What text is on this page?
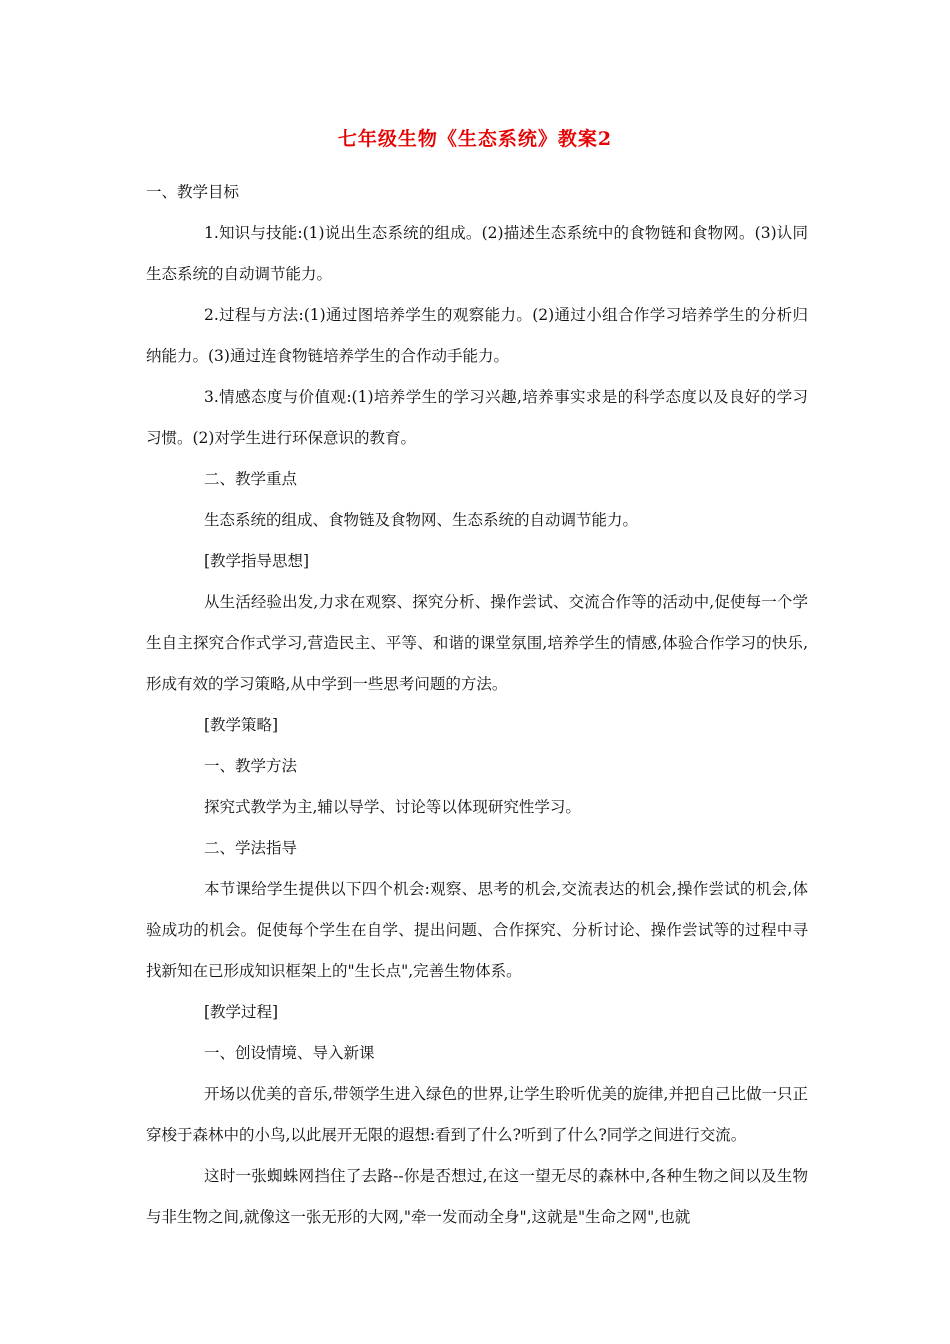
七年级生物《生态系统》教案2

一、教学目标

1.知识与技能:(1)说出生态系统的组成。(2)描述生态系统中的食物链和食物网。(3)认同生态系统的自动调节能力。

2.过程与方法:(1)通过图培养学生的观察能力。(2)通过小组合作学习培养学生的分析归纳能力。(3)通过连食物链培养学生的合作动手能力。

3.情感态度与价值观:(1)培养学生的学习兴趣,培养事实求是的科学态度以及良好的学习习惯。(2)对学生进行环保意识的教育。

二、教学重点

生态系统的组成、食物链及食物网、生态系统的自动调节能力。

[教学指导思想]

从生活经验出发,力求在观察、探究分析、操作尝试、交流合作等的活动中,促使每一个学生自主探究合作式学习,营造民主、平等、和谐的课堂氛围,培养学生的情感,体验合作学习的快乐,形成有效的学习策略,从中学到一些思考问题的方法。

[教学策略]

一、教学方法

探究式教学为主,辅以导学、讨论等以体现研究性学习。

二、学法指导

本节课给学生提供以下四个机会:观察、思考的机会,交流表达的机会,操作尝试的机会,体验成功的机会。促使每个学生在自学、提出问题、合作探究、分析讨论、操作尝试等的过程中寻找新知在已形成知识框架上的"生长点",完善生物体系。

[教学过程]

一、创设情境、导入新课

开场以优美的音乐,带领学生进入绿色的世界,让学生聆听优美的旋律,并把自己比做一只正穿梭于森林中的小鸟,以此展开无限的遐想:看到了什么?听到了什么?同学之间进行交流。

这时一张蜘蛛网挡住了去路--你是否想过,在这一望无尽的森林中,各种生物之间以及生物与非生物之间,就像这一张无形的大网,"牵一发而动全身",这就是"生命之网",也就
